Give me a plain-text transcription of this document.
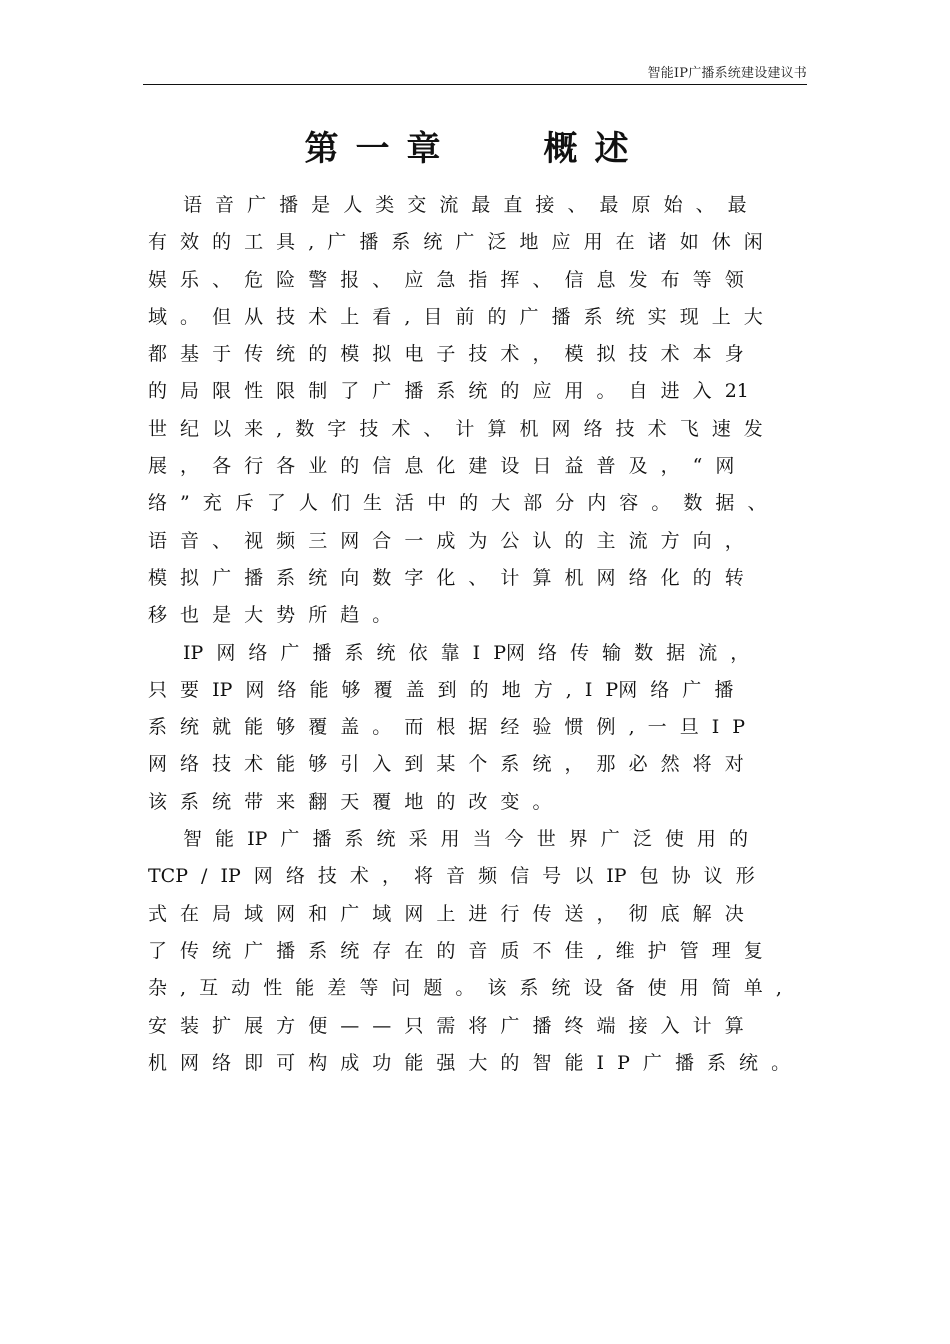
智能IP广播系统建设建议书
第一章	概述
语 音 广 播 是 人 类 交 流 最 直 接 、 最 原 始 、 最
有 效 的 工 具 , 广 播 系 统 广 泛 地 应 用 在 诸 如 休 闲
娱 乐 、 危 险 警 报 、 应 急 指 挥 、 信 息 发 布 等 领
域 。 但 从 技 术 上 看 , 目 前 的 广 播 系 统 实 现 上 大
都 基 于 传 统 的 模 拟 电 子 技 术 ， 模 拟 技 术 本 身
的 局 限 性 限 制 了 广 播 系 统 的 应 用 。 自 进 入 21
世 纪 以 来 , 数 字 技 术 、 计 算 机 网 络 技 术 飞 速 发
展 ， 各 行 各 业 的 信 息 化 建 设 日 益 普 及 ， “ 网
络 ” 充 斥 了 人 们 生 活 中 的 大 部 分 内 容 。 数 据 、
语 音 、 视 频 三 网 合 一 成 为 公 认 的 主 流 方 向 ，
模 拟 广 播 系 统 向 数 字 化 、 计 算 机 网 络 化 的 转
移 也 是 大 势 所 趋 。
IP 网 络 广 播 系 统 依 靠 I P网 络 传 输 数 据 流 ，
只 要 IP 网 络 能 够 覆 盖 到 的 地 方 , I P网 络 广 播
系 统 就 能 够 覆 盖 。 而 根 据 经 验 惯 例 , 一 旦 I P
网 络 技 术 能 够 引 入 到 某 个 系 统 ， 那 必 然 将 对
该 系 统 带 来 翻 天 覆 地 的 改 变 。
智 能 IP 广 播 系 统 采 用 当 今 世 界 广 泛 使 用 的
TCP / IP 网 络 技 术 ， 将 音 频 信 号 以 IP 包 协 议 形
式 在 局 域 网 和 广 域 网 上 进 行 传 送 ， 彻 底 解 决
了 传 统 广 播 系 统 存 在 的 音 质 不 佳 , 维 护 管 理 复
杂 , 互 动 性 能 差 等 问 题 。 该 系 统 设 备 使 用 简 单 ,
安 装 扩 展 方 便 — — 只 需 将 广 播 终 端 接 入 计 算
机 网 络 即 可 构 成 功 能 强 大 的 智 能 I P 广 播 系 统 。
